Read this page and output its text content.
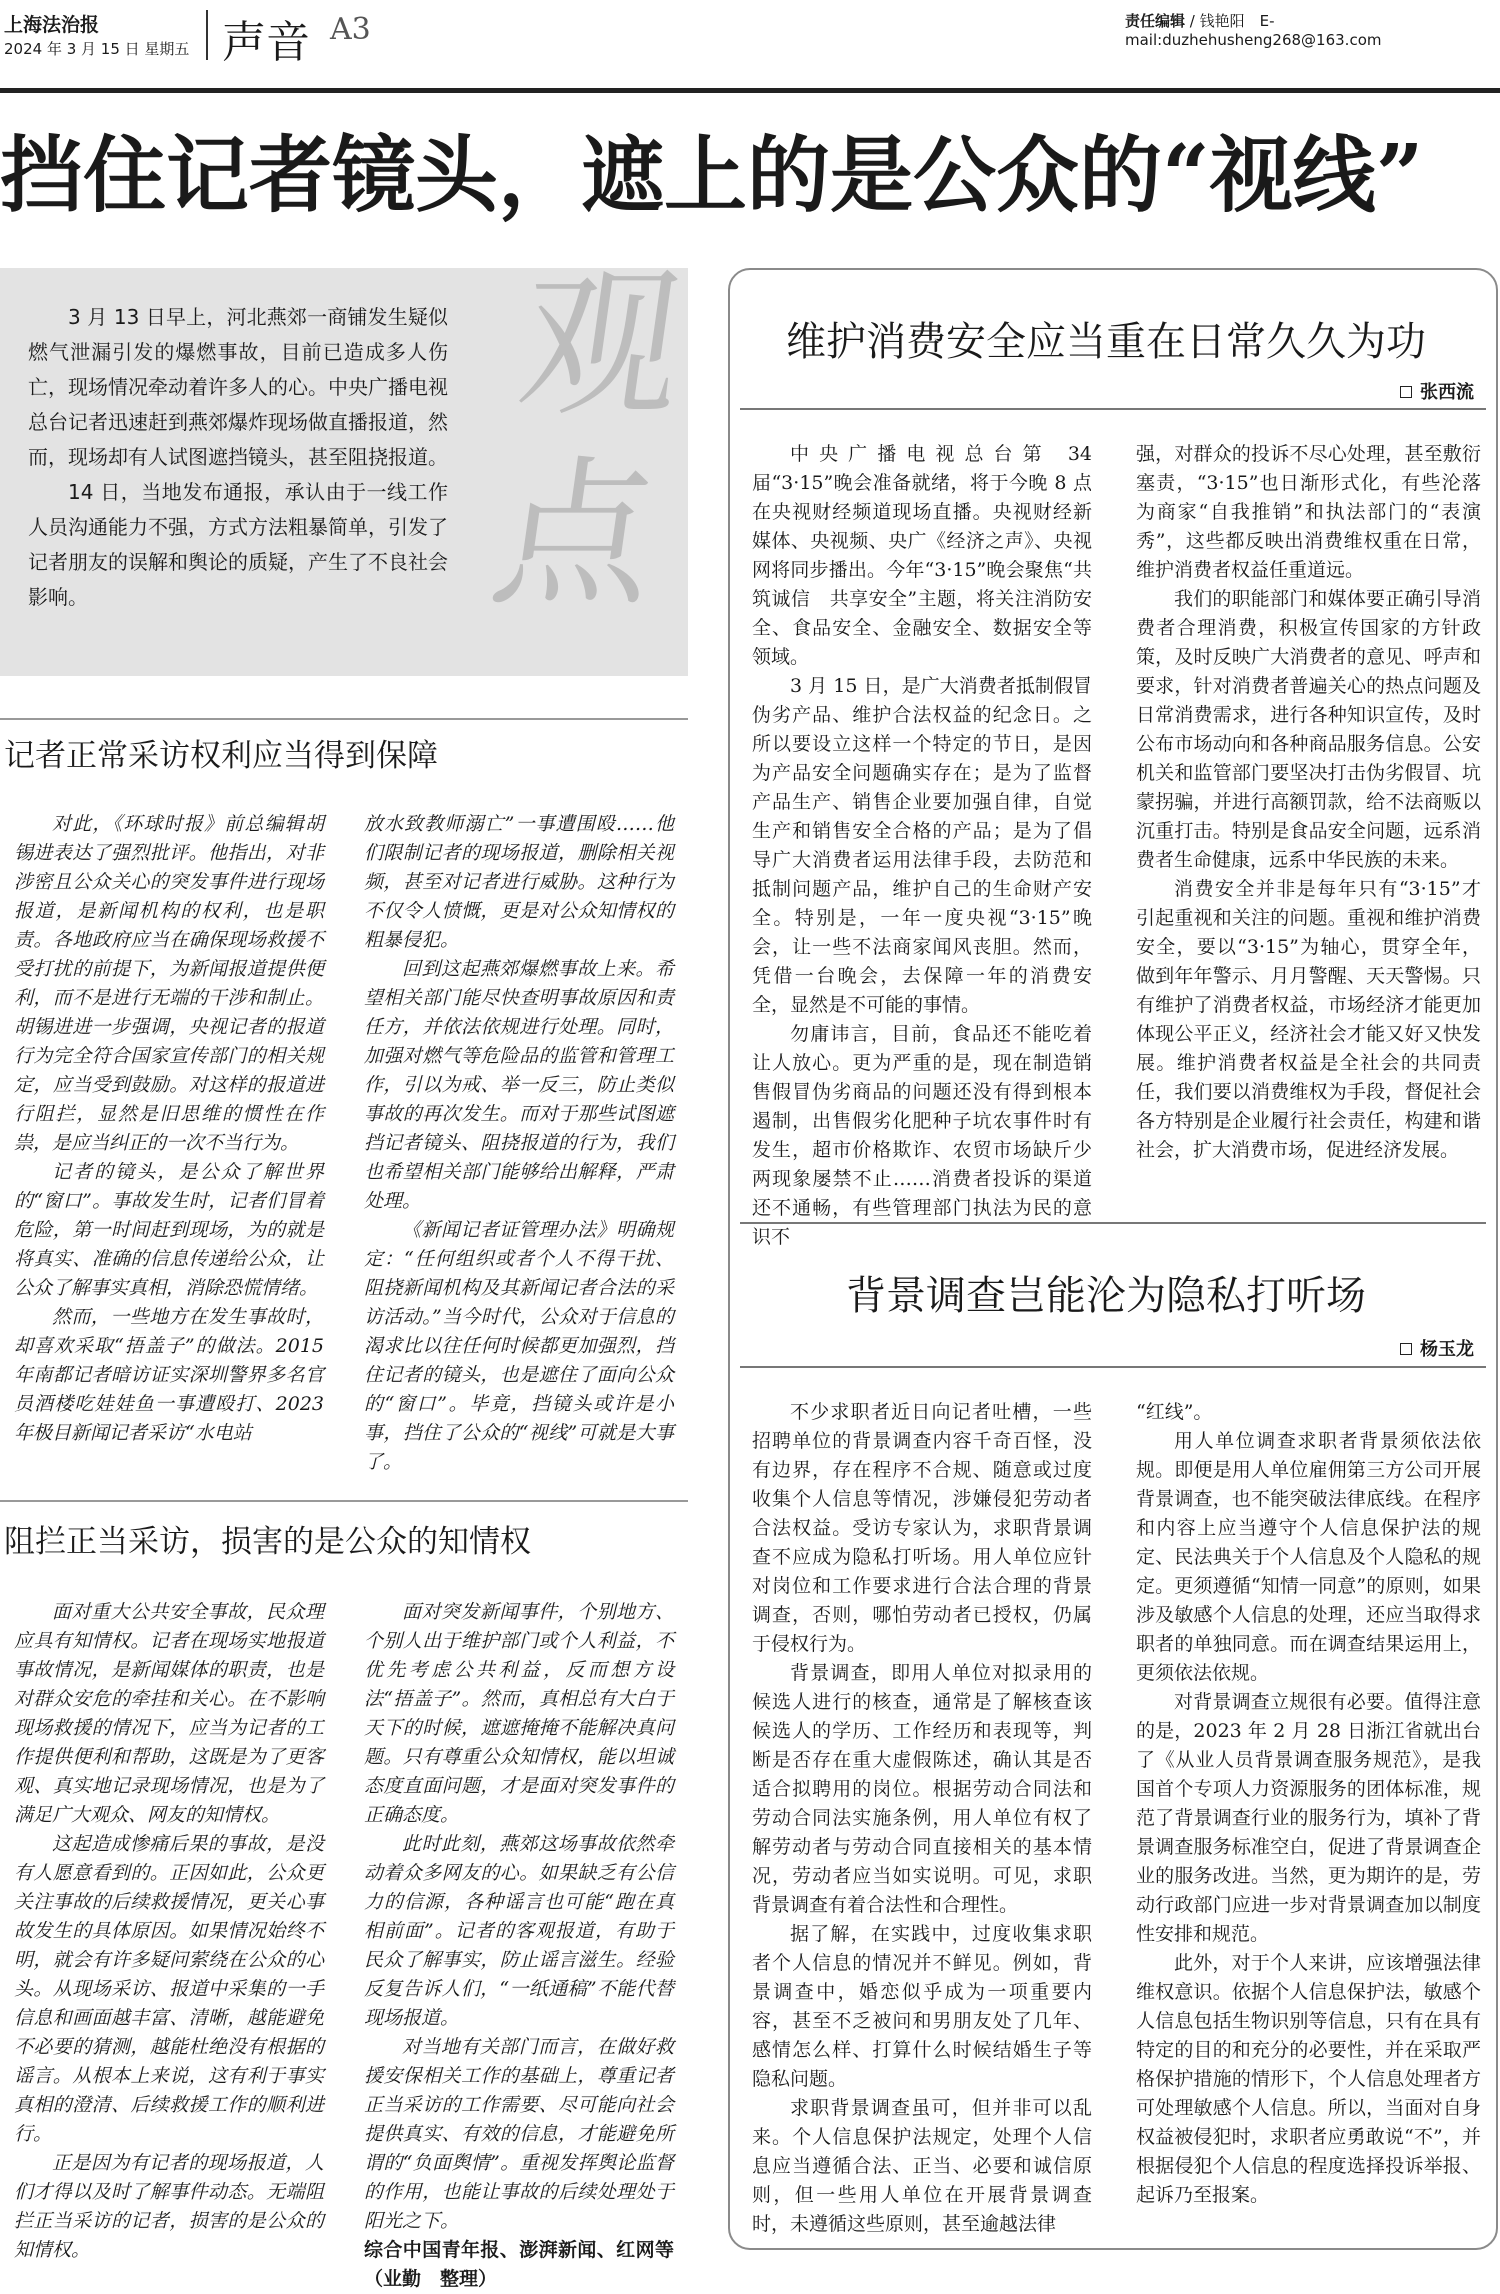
上海法治报
2024 年 3 月 15 日 星期五 声音 A3	责任编辑 / 钱艳阳　 E-mail:duzhehusheng268@163.com
挡住记者镜头，遮上的是公众的“视线”

3 月 13 日早上，河北燕郊一商铺发生疑似燃气泄漏引发的爆燃事故，目前已造成多人伤亡，现场情况牵动着许多人的心。中央广播电视总台记者迅速赶到燕郊爆炸现场做直播报道，然而，现场却有人试图遮挡镜头，甚至阻挠报道。

14 日，当地发布通报，承认由于一线工作人员沟通能力不强，方式方法粗暴简单，引发了记者朋友的误解和舆论的质疑，产生了不良社会影响。

观点
记者正常采访权利应当得到保障

对此，《环球时报》前总编辑胡锡进表达了强烈批评。他指出，对非涉密且公众关心的突发事件进行现场报道，是新闻机构的权利，也是职责。各地政府应当在确保现场救援不受打扰的前提下，为新闻报道提供便利，而不是进行无端的干涉和制止。胡锡进进一步强调，央视记者的报道行为完全符合国家宣传部门的相关规定，应当受到鼓励。对这样的报道进行阻拦，显然是旧思维的惯性在作祟，是应当纠正的一次不当行为。

记者的镜头，是公众了解世界的“窗口”。事故发生时，记者们冒着危险，第一时间赶到现场，为的就是将真实、准确的信息传递给公众，让公众了解事实真相，消除恐慌情绪。

然而，一些地方在发生事故时，却喜欢采取“捂盖子”的做法。2015年南都记者暗访证实深圳警界多名官员酒楼吃娃娃鱼一事遭殴打、2023年极目新闻记者采访“水电站

放水致教师溺亡”一事遭围殴……他们限制记者的现场报道，删除相关视频，甚至对记者进行威胁。这种行为不仅令人愤慨，更是对公众知情权的粗暴侵犯。

回到这起燕郊爆燃事故上来。希望相关部门能尽快查明事故原因和责任方，并依法依规进行处理。同时，加强对燃气等危险品的监管和管理工作，引以为戒、举一反三，防止类似事故的再次发生。而对于那些试图遮挡记者镜头、阻挠报道的行为，我们也希望相关部门能够给出解释，严肃处理。

《新闻记者证管理办法》明确规定：“任何组织或者个人不得干扰、阻挠新闻机构及其新闻记者合法的采访活动。”当今时代，公众对于信息的渴求比以往任何时候都更加强烈，挡住记者的镜头，也是遮住了面向公众的“窗口”。毕竟，挡镜头或许是小事，挡住了公众的“视线”可就是大事了。

阻拦正当采访，损害的是公众的知情权

面对重大公共安全事故，民众理应具有知情权。记者在现场实地报道事故情况，是新闻媒体的职责，也是对群众安危的牵挂和关心。在不影响现场救援的情况下，应当为记者的工作提供便利和帮助，这既是为了更客观、真实地记录现场情况，也是为了满足广大观众、网友的知情权。

这起造成惨痛后果的事故，是没有人愿意看到的。正因如此，公众更关注事故的后续救援情况，更关心事故发生的具体原因。如果情况始终不明，就会有许多疑问萦绕在公众的心头。从现场采访、报道中采集的一手信息和画面越丰富、清晰，越能避免不必要的猜测，越能杜绝没有根据的谣言。从根本上来说，这有利于事实真相的澄清、后续救援工作的顺利进行。

正是因为有记者的现场报道，人们才得以及时了解事件动态。无端阻拦正当采访的记者，损害的是公众的知情权。

面对突发新闻事件，个别地方、个别人出于维护部门或个人利益，不优先考虑公共利益，反而想方设法“捂盖子”。然而，真相总有大白于天下的时候，遮遮掩掩不能解决真问题。只有尊重公众知情权，能以坦诚态度直面问题，才是面对突发事件的正确态度。

此时此刻，燕郊这场事故依然牵动着众多网友的心。如果缺乏有公信力的信源，各种谣言也可能“跑在真相前面”。记者的客观报道，有助于民众了解事实，防止谣言滋生。经验反复告诉人们，“一纸通稿”不能代替现场报道。

对当地有关部门而言，在做好救援安保相关工作的基础上，尊重记者正当采访的工作需要、尽可能向社会提供真实、有效的信息，才能避免所谓的“负面舆情”。重视发挥舆论监督的作用，也能让事故的后续处理处于阳光之下。

综合中国青年报、澎湃新闻、红网等　　（业勤　整理）

维护消费安全应当重在日常久久为功
张西流

中央广播电视总台第 34 届“3·15”晚会准备就绪，将于今晚 8 点在央视财经频道现场直播。央视财经新媒体、央视频、央广《经济之声》、央视网将同步播出。今年“3·15”晚会聚焦“共筑诚信　共享安全”主题，将关注消防安全、食品安全、金融安全、数据安全等领域。

3 月 15 日，是广大消费者抵制假冒伪劣产品、维护合法权益的纪念日。之所以要设立这样一个特定的节日，是因为产品安全问题确实存在；是为了监督产品生产、销售企业要加强自律，自觉生产和销售安全合格的产品；是为了倡导广大消费者运用法律手段，去防范和抵制问题产品，维护自己的生命财产安全。特别是，一年一度央视“3·15”晚会，让一些不法商家闻风丧胆。然而，凭借一台晚会，去保障一年的消费安全，显然是不可能的事情。

勿庸讳言，目前，食品还不能吃着让人放心。更为严重的是，现在制造销售假冒伪劣商品的问题还没有得到根本遏制，出售假劣化肥种子坑农事件时有发生，超市价格欺诈、农贸市场缺斤少两现象屡禁不止……消费者投诉的渠道还不通畅，有些管理部门执法为民的意识不

强，对群众的投诉不尽心处理，甚至敷衍塞责，“3·15”也日渐形式化，有些沦落为商家“自我推销”和执法部门的“表演秀”，这些都反映出消费维权重在日常，维护消费者权益任重道远。

我们的职能部门和媒体要正确引导消费者合理消费，积极宣传国家的方针政策，及时反映广大消费者的意见、呼声和要求，针对消费者普遍关心的热点问题及日常消费需求，进行各种知识宣传，及时公布市场动向和各种商品服务信息。公安机关和监管部门要坚决打击伪劣假冒、坑蒙拐骗，并进行高额罚款，给不法商贩以沉重打击。特别是食品安全问题，远系消费者生命健康，远系中华民族的未来。

消费安全并非是每年只有“3·15”才引起重视和关注的问题。重视和维护消费安全，要以“3·15”为轴心，贯穿全年，做到年年警示、月月警醒、天天警惕。只有维护了消费者权益，市场经济才能更加体现公平正义，经济社会才能又好又快发展。维护消费者权益是全社会的共同责任，我们要以消费维权为手段，督促社会各方特别是企业履行社会责任，构建和谐社会，扩大消费市场，促进经济发展。

背景调查岂能沦为隐私打听场
杨玉龙

不少求职者近日向记者吐槽，一些招聘单位的背景调查内容千奇百怪，没有边界，存在程序不合规、随意或过度收集个人信息等情况，涉嫌侵犯劳动者合法权益。受访专家认为，求职背景调查不应成为隐私打听场。用人单位应针对岗位和工作要求进行合法合理的背景调查，否则，哪怕劳动者已授权，仍属于侵权行为。

背景调查，即用人单位对拟录用的候选人进行的核查，通常是了解核查该候选人的学历、工作经历和表现等，判断是否存在重大虚假陈述，确认其是否适合拟聘用的岗位。根据劳动合同法和劳动合同法实施条例，用人单位有权了解劳动者与劳动合同直接相关的基本情况，劳动者应当如实说明。可见，求职背景调查有着合法性和合理性。

据了解，在实践中，过度收集求职者个人信息的情况并不鲜见。例如，背景调查中，婚恋似乎成为一项重要内容，甚至不乏被问和男朋友处了几年、感情怎么样、打算什么时候结婚生子等隐私问题。

求职背景调查虽可，但并非可以乱来。个人信息保护法规定，处理个人信息应当遵循合法、正当、必要和诚信原则，但一些用人单位在开展背景调查时，未遵循这些原则，甚至逾越法律

“红线”。

用人单位调查求职者背景须依法依规。即便是用人单位雇佣第三方公司开展背景调查，也不能突破法律底线。在程序和内容上应当遵守个人信息保护法的规定、民法典关于个人信息及个人隐私的规定。更须遵循“知情一同意”的原则，如果涉及敏感个人信息的处理，还应当取得求职者的单独同意。而在调查结果运用上，更须依法依规。

对背景调查立规很有必要。值得注意的是，2023 年 2 月 28 日浙江省就出台了《从业人员背景调查服务规范》，是我国首个专项人力资源服务的团体标准，规范了背景调查行业的服务行为，填补了背景调查服务标准空白，促进了背景调查企业的服务改进。当然，更为期许的是，劳动行政部门应进一步对背景调查加以制度性安排和规范。

此外，对于个人来讲，应该增强法律维权意识。依据个人信息保护法，敏感个人信息包括生物识别等信息，只有在具有特定的目的和充分的必要性，并在采取严格保护措施的情形下，个人信息处理者方可处理敏感个人信息。所以，当面对自身权益被侵犯时，求职者应勇敢说“不”，并根据侵犯个人信息的程度选择投诉举报、起诉乃至报案。
